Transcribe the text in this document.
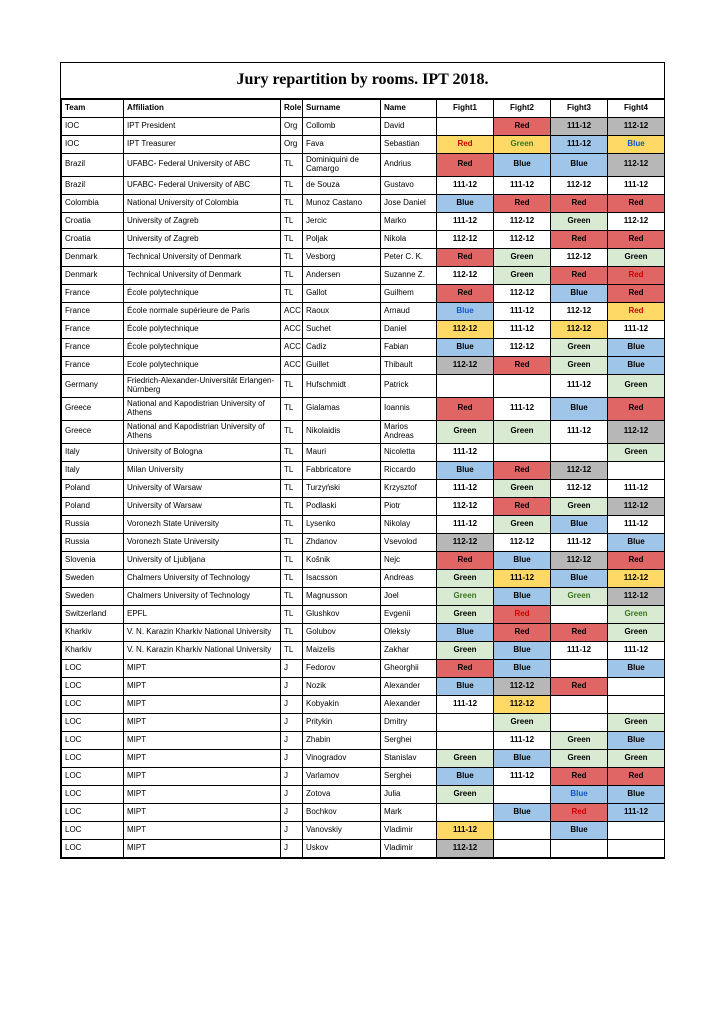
Jury repartition by rooms. IPT 2018.
Team	Affiliation	Role	Surname	Name	Fight1	Fight2	Fight3	Fight4
IOC	IPT President	Org	Collomb	David		Red	111-12	112-12
IOC	IPT Treasurer	Org	Fava	Sebastian	Red	Green	111-12	Blue
Brazil	UFABC- Federal University of ABC	TL	Dominiquini de Camargo	Andrius	Red	Blue	Blue	112-12
Brazil	UFABC- Federal University of ABC	TL	de Souza	Gustavo	111-12	111-12	112-12	111-12
Colombia	National University of Colombia	TL	Munoz Castano	Jose Daniel	Blue	Red	Red	Red
Croatia	University of Zagreb	TL	Jercic	Marko	111-12	112-12	Green	112-12
Croatia	University of Zagreb	TL	Poljak	Nikola	112-12	112-12	Red	Red
Denmark	Technical University of Denmark	TL	Vesborg	Peter C. K.	Red	Green	112-12	Green
Denmark	Technical University of Denmark	TL	Andersen	Suzanne Z.	112-12	Green	Red	Red
France	École polytechnique	TL	Gallot	Guilhem	Red	112-12	Blue	Red
France	École normale supérieure de Paris	ACC	Raoux	Arnaud	Blue	111-12	112-12	Red
France	École polytechnique	ACC	Suchet	Daniel	112-12	111-12	112-12	111-12
France	École polytechnique	ACC	Cadiz	Fabian	Blue	112-12	Green	Blue
France	Ecole polytechnique	ACC	Guillet	Thibault	112-12	Red	Green	Blue
Germany	Friedrich-Alexander-Universität Erlangen-Nürnberg	TL	Hufschmidt	Patrick			111-12	Green
Greece	National and Kapodistrian University of Athens	TL	Gialamas	Ioannis	Red	111-12	Blue	Red
Greece	National and Kapodistrian University of Athens	TL	Nikolaidis	Marios Andreas	Green	Green	111-12	112-12
Italy	University of Bologna	TL	Mauri	Nicoletta	111-12			Green
Italy	Milan University	TL	Fabbricatore	Riccardo	Blue	Red	112-12	
Poland	University of Warsaw	TL	Turzyński	Krzysztof	111-12	Green	112-12	111-12
Poland	University of Warsaw	TL	Podlaski	Piotr	112-12	Red	Green	112-12
Russia	Voronezh State University	TL	Lysenko	Nikolay	111-12	Green	Blue	111-12
Russia	Voronezh State University	TL	Zhdanov	Vsevolod	112-12	112-12	111-12	Blue
Slovenia	University of Ljubljana	TL	Košnik	Nejc	Red	Blue	112-12	Red
Sweden	Chalmers University of Technology	TL	Isacsson	Andreas	Green	111-12	Blue	112-12
Sweden	Chalmers University of Technology	TL	Magnusson	Joel	Green	Blue	Green	112-12
Switzerland	EPFL	TL	Glushkov	Evgenii	Green	Red		Green
Kharkiv	V. N. Karazin Kharkiv National University	TL	Golubov	Oleksiy	Blue	Red	Red	Green
Kharkiv	V. N. Karazin Kharkiv National University	TL	Maizelis	Zakhar	Green	Blue	111-12	111-12
LOC	MIPT	J	Fedorov	Gheorghii	Red	Blue		Blue
LOC	MIPT	J	Nozik	Alexander	Blue	112-12	Red	
LOC	MIPT	J	Kobyakin	Alexander	111-12	112-12		
LOC	MIPT	J	Pritykin	Dmitry		Green		Green
LOC	MIPT	J	Zhabin	Serghei		111-12	Green	Blue
LOC	MIPT	J	Vinogradov	Stanislav	Green	Blue	Green	Green
LOC	MIPT	J	Varlamov	Serghei	Blue	111-12	Red	Red
LOC	MIPT	J	Zotova	Julia	Green		Blue	Blue
LOC	MIPT	J	Bochkov	Mark		Blue	Red	111-12
LOC	MIPT	J	Vanovskiy	Vladimir	111-12		Blue	
LOC	MIPT	J	Uskov	Vladimir	112-12			
